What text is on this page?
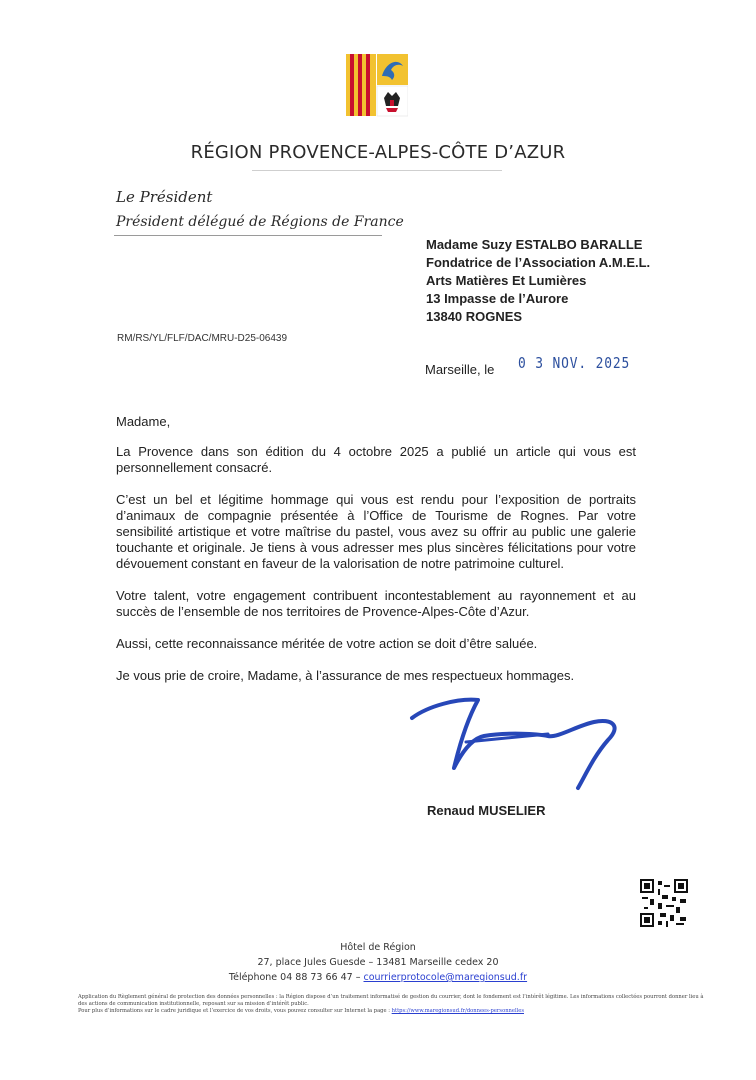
RÉGION PROVENCE-ALPES-CÔTE D’AZUR
Le Président
Président délégué de Régions de France
Madame Suzy ESTALBO BARALLE
Fondatrice de l’Association A.M.E.L.
Arts Matières Et Lumières
13 Impasse de l’Aurore
13840 ROGNES
RM/RS/YL/FLF/DAC/MRU-D25-06439
Marseille, le 0 3 NOV. 2025

Madame,

La Provence dans son édition du 4 octobre 2025 a publié un article qui vous est personnellement consacré.

C’est un bel et légitime hommage qui vous est rendu pour l’exposition de portraits d’animaux de compagnie présentée à l’Office de Tourisme de Rognes. Par votre sensibilité artistique et votre maîtrise du pastel, vous avez su offrir au public une galerie touchante et originale. Je tiens à vous adresser mes plus sincères félicitations pour votre dévouement constant en faveur de la valorisation de notre patrimoine culturel.

Votre talent, votre engagement contribuent incontestablement au rayonnement et au succès de l’ensemble de nos territoires de Provence-Alpes-Côte d’Azur.

Aussi, cette reconnaissance méritée de votre action se doit d’être saluée.

Je vous prie de croire, Madame, à l’assurance de mes respectueux hommages.

Renaud MUSELIER
Hôtel de Région
27, place Jules Guesde – 13481 Marseille cedex 20
Téléphone 04 88 73 66 47 – courrierprotocole@maregionsud.fr
Application du Règlement général de protection des données personnelles : la Région dispose d’un traitement informatisé de gestion du courrier, dont le fondement est l’intérêt légitime. Les informations collectées pourront donner lieu à des actions de communication institutionnelle, reposant sur sa mission d’intérêt public.
Pour plus d’informations sur le cadre juridique et l’exercice de vos droits, vous pouvez consulter sur Internet la page : https://www.maregionsud.fr/donnees-personnelles
